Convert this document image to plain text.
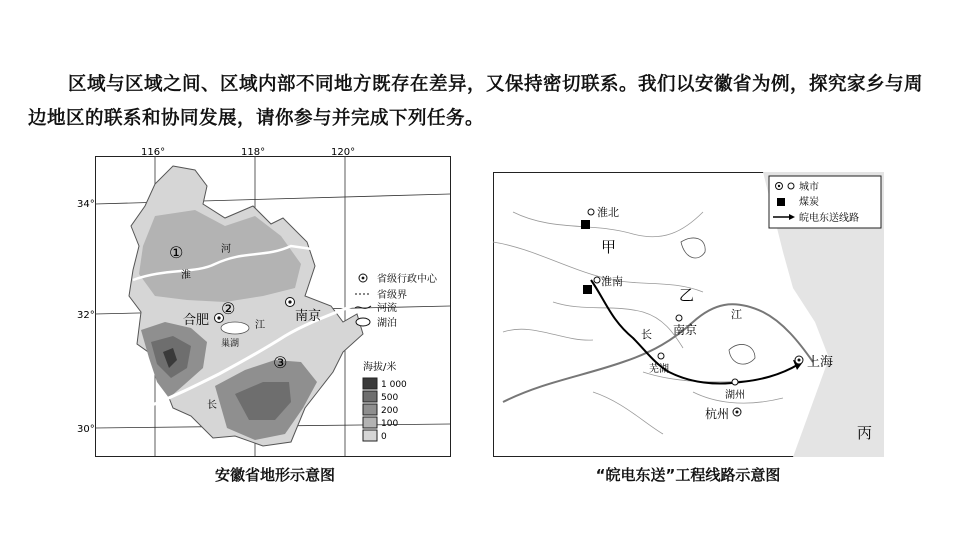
区域与区域之间、区域内部不同地方既存在差异，又保持密切联系。我们以安徽省为例，探究家乡与周边地区的联系和协同发展，请你参与并完成下列任务。

116°	118°	120°
34°
32°
30°
①
②
③
合肥	南京
淮
河
长
江
巢湖
省级行政中心
省级界
河流
湖泊
海拔/米
1 000
500
200
100
0
安徽省地形示意图
城市
煤炭
皖电东送线路
淮北
淮南
南京
芜湖
湖州
杭州
上海
甲
乙
丙
长
江
“皖电东送”工程线路示意图
